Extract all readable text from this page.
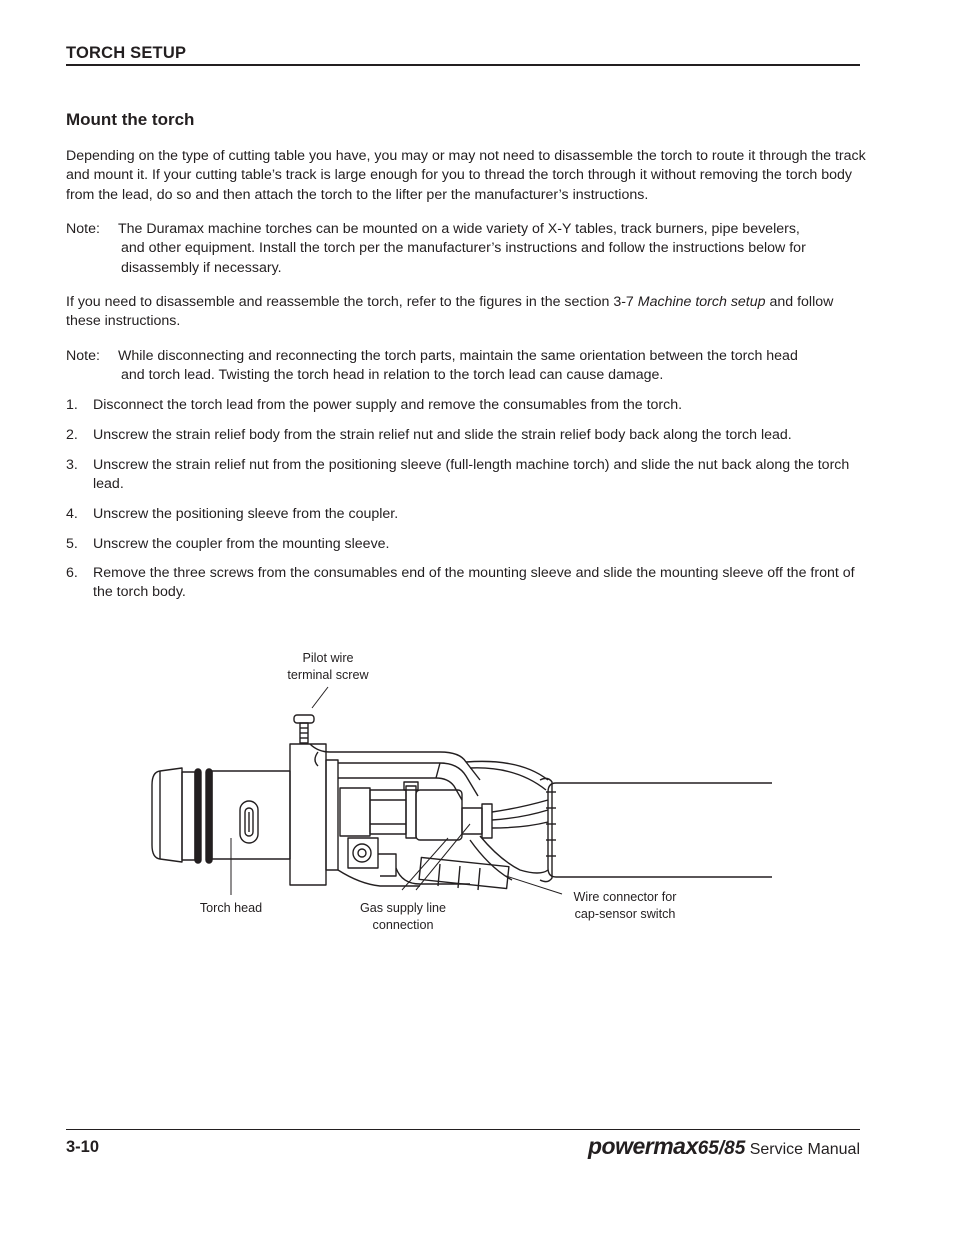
TORCH SETUP
Mount the torch

Depending on the type of cutting table you have, you may or may not need to disassemble the torch to route it through the track and mount it. If your cutting table’s track is large enough for you to thread the torch through it without removing the torch body from the lead, do so and then attach the torch to the lifter per the manufacturer’s instructions.

Note: The Duramax machine torches can be mounted on a wide variety of X-Y tables, track burners, pipe bevelers,
and other equipment. Install the torch per the manufacturer’s instructions and follow the instructions below for disassembly if necessary.

If you need to disassemble and reassemble the torch, refer to the figures in the section 3-7 Machine torch setup and follow these instructions.

Note: While disconnecting and reconnecting the torch parts, maintain the same orientation between the torch head
and torch lead. Twisting the torch head in relation to the torch lead can cause damage.
1.	Disconnect the torch lead from the power supply and remove the consumables from the torch.
2.	Unscrew the strain relief body from the strain relief nut and slide the strain relief body back along the torch lead.
3.	Unscrew the strain relief nut from the positioning sleeve (full-length machine torch) and slide the nut back along the torch lead.
4.	Unscrew the positioning sleeve from the coupler.
5.	Unscrew the coupler from the mounting sleeve.
6.	Remove the three screws from the consumables end of the mounting sleeve and slide the mounting sleeve off the front of the torch body.
Pilot wire
terminal screw
Torch head	Gas supply line
connection
Wire connector for
cap-sensor switch
3-10	powermax65/85 Service Manual
